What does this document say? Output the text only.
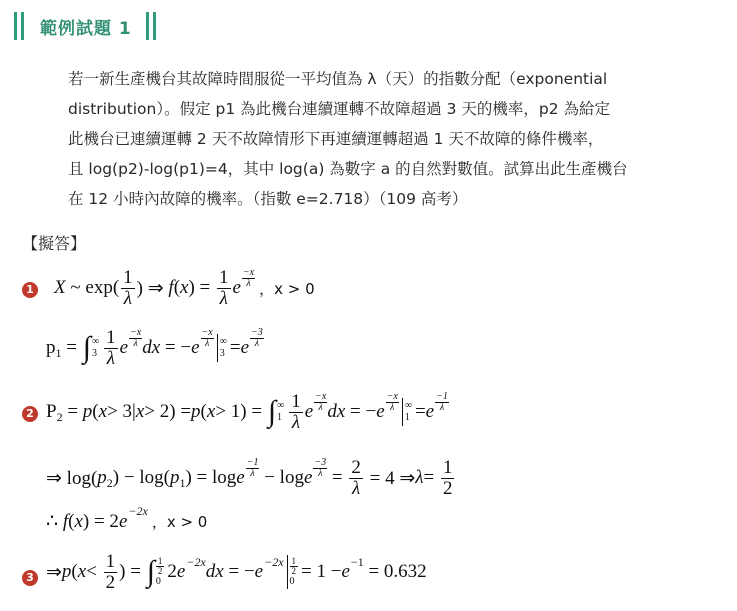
範例試題 1

若一新生產機台其故障時間服從一平均值為 λ（天）的指數分配（exponential

distribution）。假定 p1 為此機台連續運轉不故障超過 3 天的機率，p2 為給定

此機台已連續運轉 2 天不故障情形下再連續運轉超過 1 天不故障的條件機率，

且 log(p2)-log(p1)=4，其中 log(a) 為數字 a 的自然對數值。試算出此生產機台

在 12 小時內故障的機率。（指數 e=2.718）（109 高考）

【擬答】
1 X ~ $\exp( \frac{1}{\lambda}$ ) ⇒ f ( x ) = $\frac{1}{\lambda}$ e
−x
λ ，x > 0
p 1 = ∫ ∞
$3 \frac{1}{\lambda}$ e
−x
λ dx = − e
−x
λ ∞
3 = e
−3
λ
2 P 2 = p ( x > 3| x > 2) = p ( x > 1) = ∫ ∞
$1 \frac{1}{\lambda}$ e
−x
λ dx = − e
−x
λ ∞
1 = e
−1
λ
⇒ log( p 2 ) − log( p 1 ) = log e
−1
λ − log e
−3
$\lambda = \frac{2}{\lambda} = 4$ ⇒ $\lambda = \frac{1}{2}$
∴ f ( x ) = 2 e −2x
，x > 0
3 ⇒ p ( $x < \frac{1}{2}$ ) = ∫ $\frac{1}{2}$
0 2 e −2x dx = − $e -2x \frac{1}{2}$
0 = 1 − e −1
= 0.632
